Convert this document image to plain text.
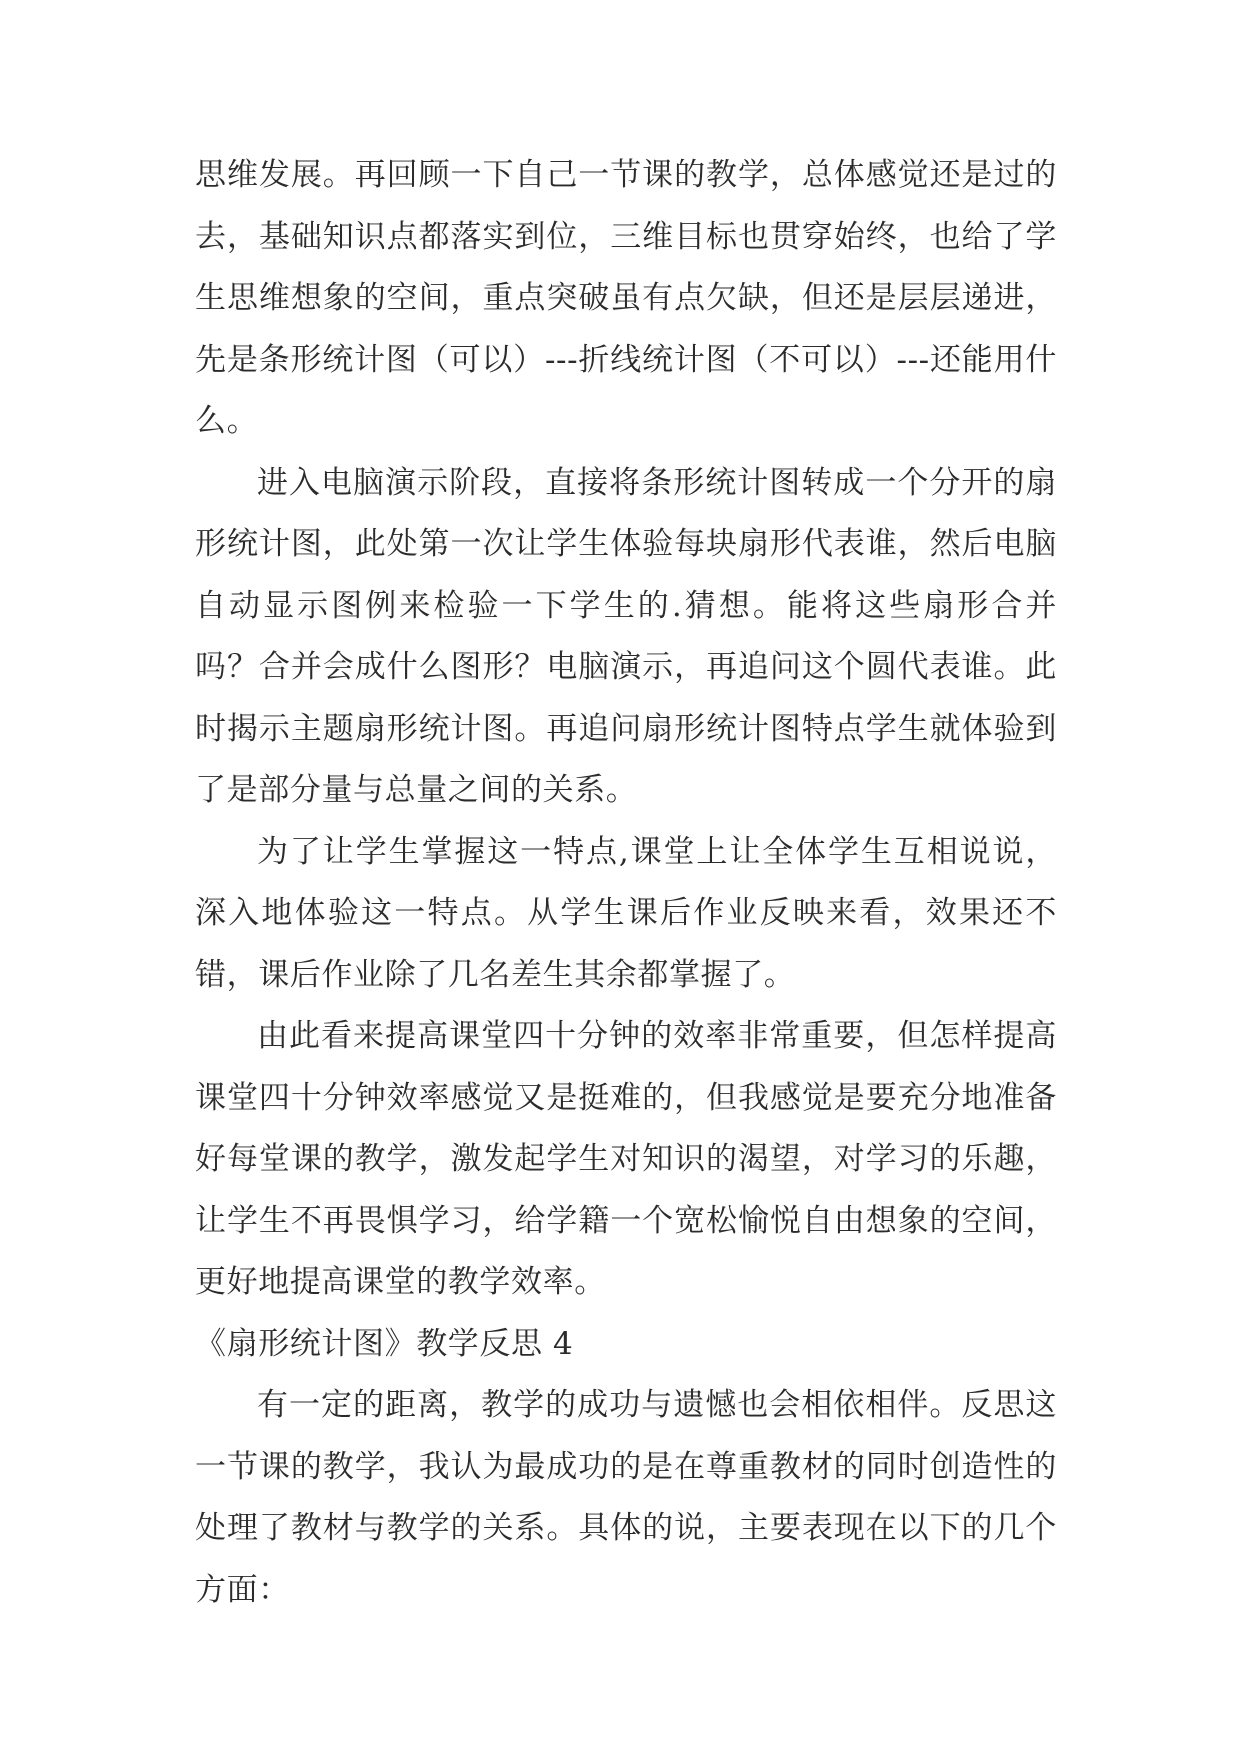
思维发展。再回顾一下自己一节课的教学，总体感觉还是过的去，基础知识点都落实到位，三维目标也贯穿始终，也给了学生思维想象的空间，重点突破虽有点欠缺，但还是层层递进，先是条形统计图（可以）---折线统计图（不可以）---还能用什么。

进入电脑演示阶段，直接将条形统计图转成一个分开的扇形统计图，此处第一次让学生体验每块扇形代表谁，然后电脑自动显示图例来检验一下学生的.猜想。能将这些扇形合并吗？合并会成什么图形？电脑演示，再追问这个圆代表谁。此时揭示主题扇形统计图。再追问扇形统计图特点学生就体验到了是部分量与总量之间的关系。

为了让学生掌握这一特点,课堂上让全体学生互相说说，深入地体验这一特点。从学生课后作业反映来看，效果还不错，课后作业除了几名差生其余都掌握了。

由此看来提高课堂四十分钟的效率非常重要，但怎样提高课堂四十分钟效率感觉又是挺难的，但我感觉是要充分地准备好每堂课的教学，激发起学生对知识的渴望，对学习的乐趣，让学生不再畏惧学习，给学籍一个宽松愉悦自由想象的空间，更好地提高课堂的教学效率。

《扇形统计图》教学反思 4

有一定的距离，教学的成功与遗憾也会相依相伴。反思这一节课的教学，我认为最成功的是在尊重教材的同时创造性的处理了教材与教学的关系。具体的说，主要表现在以下的几个方面：
